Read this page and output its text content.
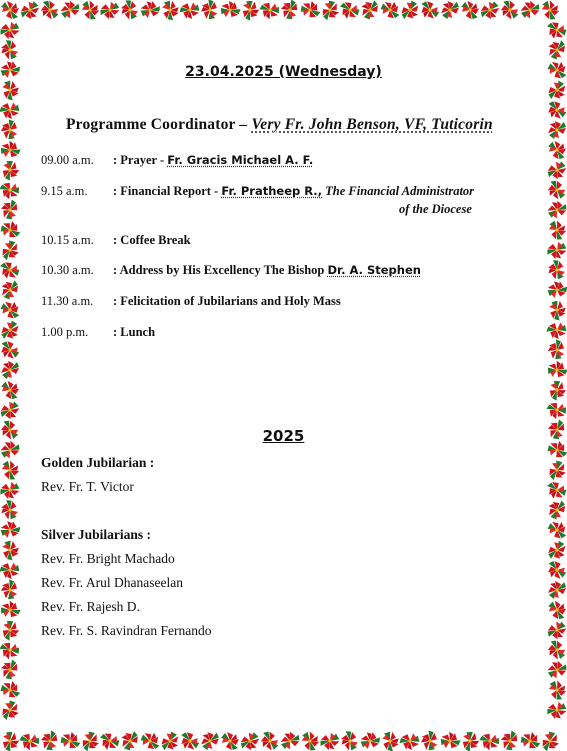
23.04.2025 (Wednesday)
Programme Coordinator – Very Fr. John Benson, VF, Tuticorin
09.00 a.m. : Prayer - Fr. Gracis Michael A. F.
9.15 a.m. : Financial Report - Fr. Pratheep R., The Financial Administrator
of the Diocese
10.15 a.m. : Coffee Break
10.30 a.m. : Address by His Excellency The Bishop Dr. A. Stephen
11.30 a.m. : Felicitation of Jubilarians and Holy Mass
1.00 p.m. : Lunch
2025
Golden Jubilarian :
Rev. Fr. T. Victor
Silver Jubilarians :
Rev. Fr. Bright Machado
Rev. Fr. Arul Dhanaseelan
Rev. Fr. Rajesh D.
Rev. Fr. S. Ravindran Fernando
